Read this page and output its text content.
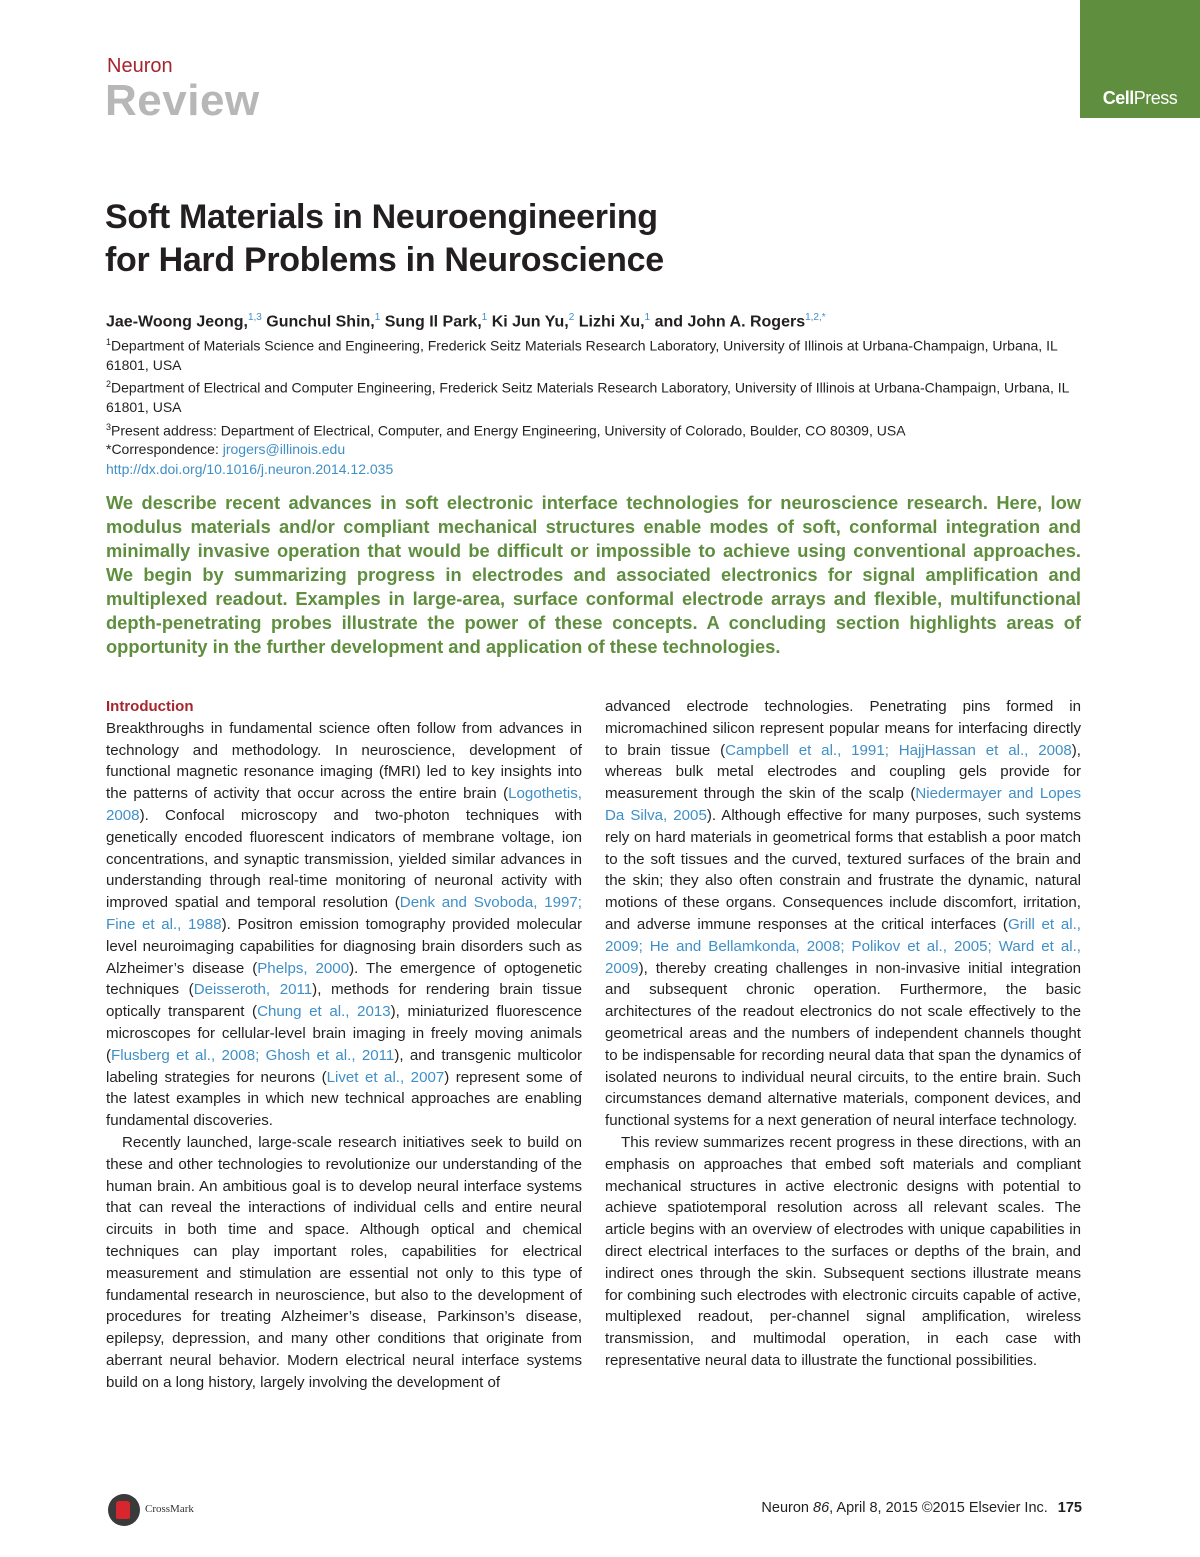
Neuron
Review	CellPress
Soft Materials in Neuroengineering
for Hard Problems in Neuroscience
Jae-Woong Jeong,$^{1,3}$ Gunchul Shin,$^1$ Sung Il Park,$^1$ Ki Jun Yu,$^2$ Lizhi Xu,$^1$ and John A. Rogers$^{1,2,*}$

$^1$Department of Materials Science and Engineering, Frederick Seitz Materials Research Laboratory, University of Illinois at Urbana-Champaign, Urbana, IL 61801, USA

$^2$Department of Electrical and Computer Engineering, Frederick Seitz Materials Research Laboratory, University of Illinois at Urbana-Champaign, Urbana, IL 61801, USA

$^3$Present address: Department of Electrical, Computer, and Energy Engineering, University of Colorado, Boulder, CO 80309, USA

*Correspondence: jrogers@illinois.edu

http://dx.doi.org/10.1016/j.neuron.2014.12.035

We describe recent advances in soft electronic interface technologies for neuroscience research. Here, low modulus materials and/or compliant mechanical structures enable modes of soft, conformal integration and minimally invasive operation that would be difficult or impossible to achieve using conventional approaches. We begin by summarizing progress in electrodes and associated electronics for signal amplification and multiplexed readout. Examples in large-area, surface conformal electrode arrays and flexible, multifunctional depth-penetrating probes illustrate the power of these concepts. A concluding section highlights areas of opportunity in the further development and application of these technologies.

Introduction

Breakthroughs in fundamental science often follow from advances in technology and methodology. In neuroscience, development of functional magnetic resonance imaging (fMRI) led to key insights into the patterns of activity that occur across the entire brain (Logothetis, 2008). Confocal microscopy and two-photon techniques with genetically encoded fluorescent indicators of membrane voltage, ion concentrations, and synaptic transmission, yielded similar advances in understanding through real-time monitoring of neuronal activity with improved spatial and temporal resolution (Denk and Svoboda, 1997; Fine et al., 1988). Positron emission tomography provided molecular level neuroimaging capabilities for diagnosing brain disorders such as Alzheimer’s disease (Phelps, 2000). The emergence of optogenetic techniques (Deisseroth, 2011), methods for rendering brain tissue optically transparent (Chung et al., 2013), miniaturized fluorescence microscopes for cellular-level brain imaging in freely moving animals (Flusberg et al., 2008; Ghosh et al., 2011), and transgenic multicolor labeling strategies for neurons (Livet et al., 2007) represent some of the latest examples in which new technical approaches are enabling fundamental discoveries.

Recently launched, large-scale research initiatives seek to build on these and other technologies to revolutionize our understanding of the human brain. An ambitious goal is to develop neural interface systems that can reveal the interactions of individual cells and entire neural circuits in both time and space. Although optical and chemical techniques can play important roles, capabilities for electrical measurement and stimulation are essential not only to this type of fundamental research in neuroscience, but also to the development of procedures for treating Alzheimer’s disease, Parkinson’s disease, epilepsy, depression, and many other conditions that originate from aberrant neural behavior. Modern electrical neural interface systems build on a long history, largely involving the development of

advanced electrode technologies. Penetrating pins formed in micromachined silicon represent popular means for interfacing directly to brain tissue (Campbell et al., 1991; HajjHassan et al., 2008), whereas bulk metal electrodes and coupling gels provide for measurement through the skin of the scalp (Niedermayer and Lopes Da Silva, 2005). Although effective for many purposes, such systems rely on hard materials in geometrical forms that establish a poor match to the soft tissues and the curved, textured surfaces of the brain and the skin; they also often constrain and frustrate the dynamic, natural motions of these organs. Consequences include discomfort, irritation, and adverse immune responses at the critical interfaces (Grill et al., 2009; He and Bellamkonda, 2008; Polikov et al., 2005; Ward et al., 2009), thereby creating challenges in non-invasive initial integration and subsequent chronic operation. Furthermore, the basic architectures of the readout electronics do not scale effectively to the geometrical areas and the numbers of independent channels thought to be indispensable for recording neural data that span the dynamics of isolated neurons to individual neural circuits, to the entire brain. Such circumstances demand alternative materials, component devices, and functional systems for a next generation of neural interface technology.

This review summarizes recent progress in these directions, with an emphasis on approaches that embed soft materials and compliant mechanical structures in active electronic designs with potential to achieve spatiotemporal resolution across all relevant scales. The article begins with an overview of electrodes with unique capabilities in direct electrical interfaces to the surfaces or depths of the brain, and indirect ones through the skin. Subsequent sections illustrate means for combining such electrodes with electronic circuits capable of active, multiplexed readout, per-channel signal amplification, wireless transmission, and multimodal operation, in each case with representative neural data to illustrate the functional possibilities.

CrossMark	Neuron 86, April 8, 2015 ©2015 Elsevier Inc. 175
